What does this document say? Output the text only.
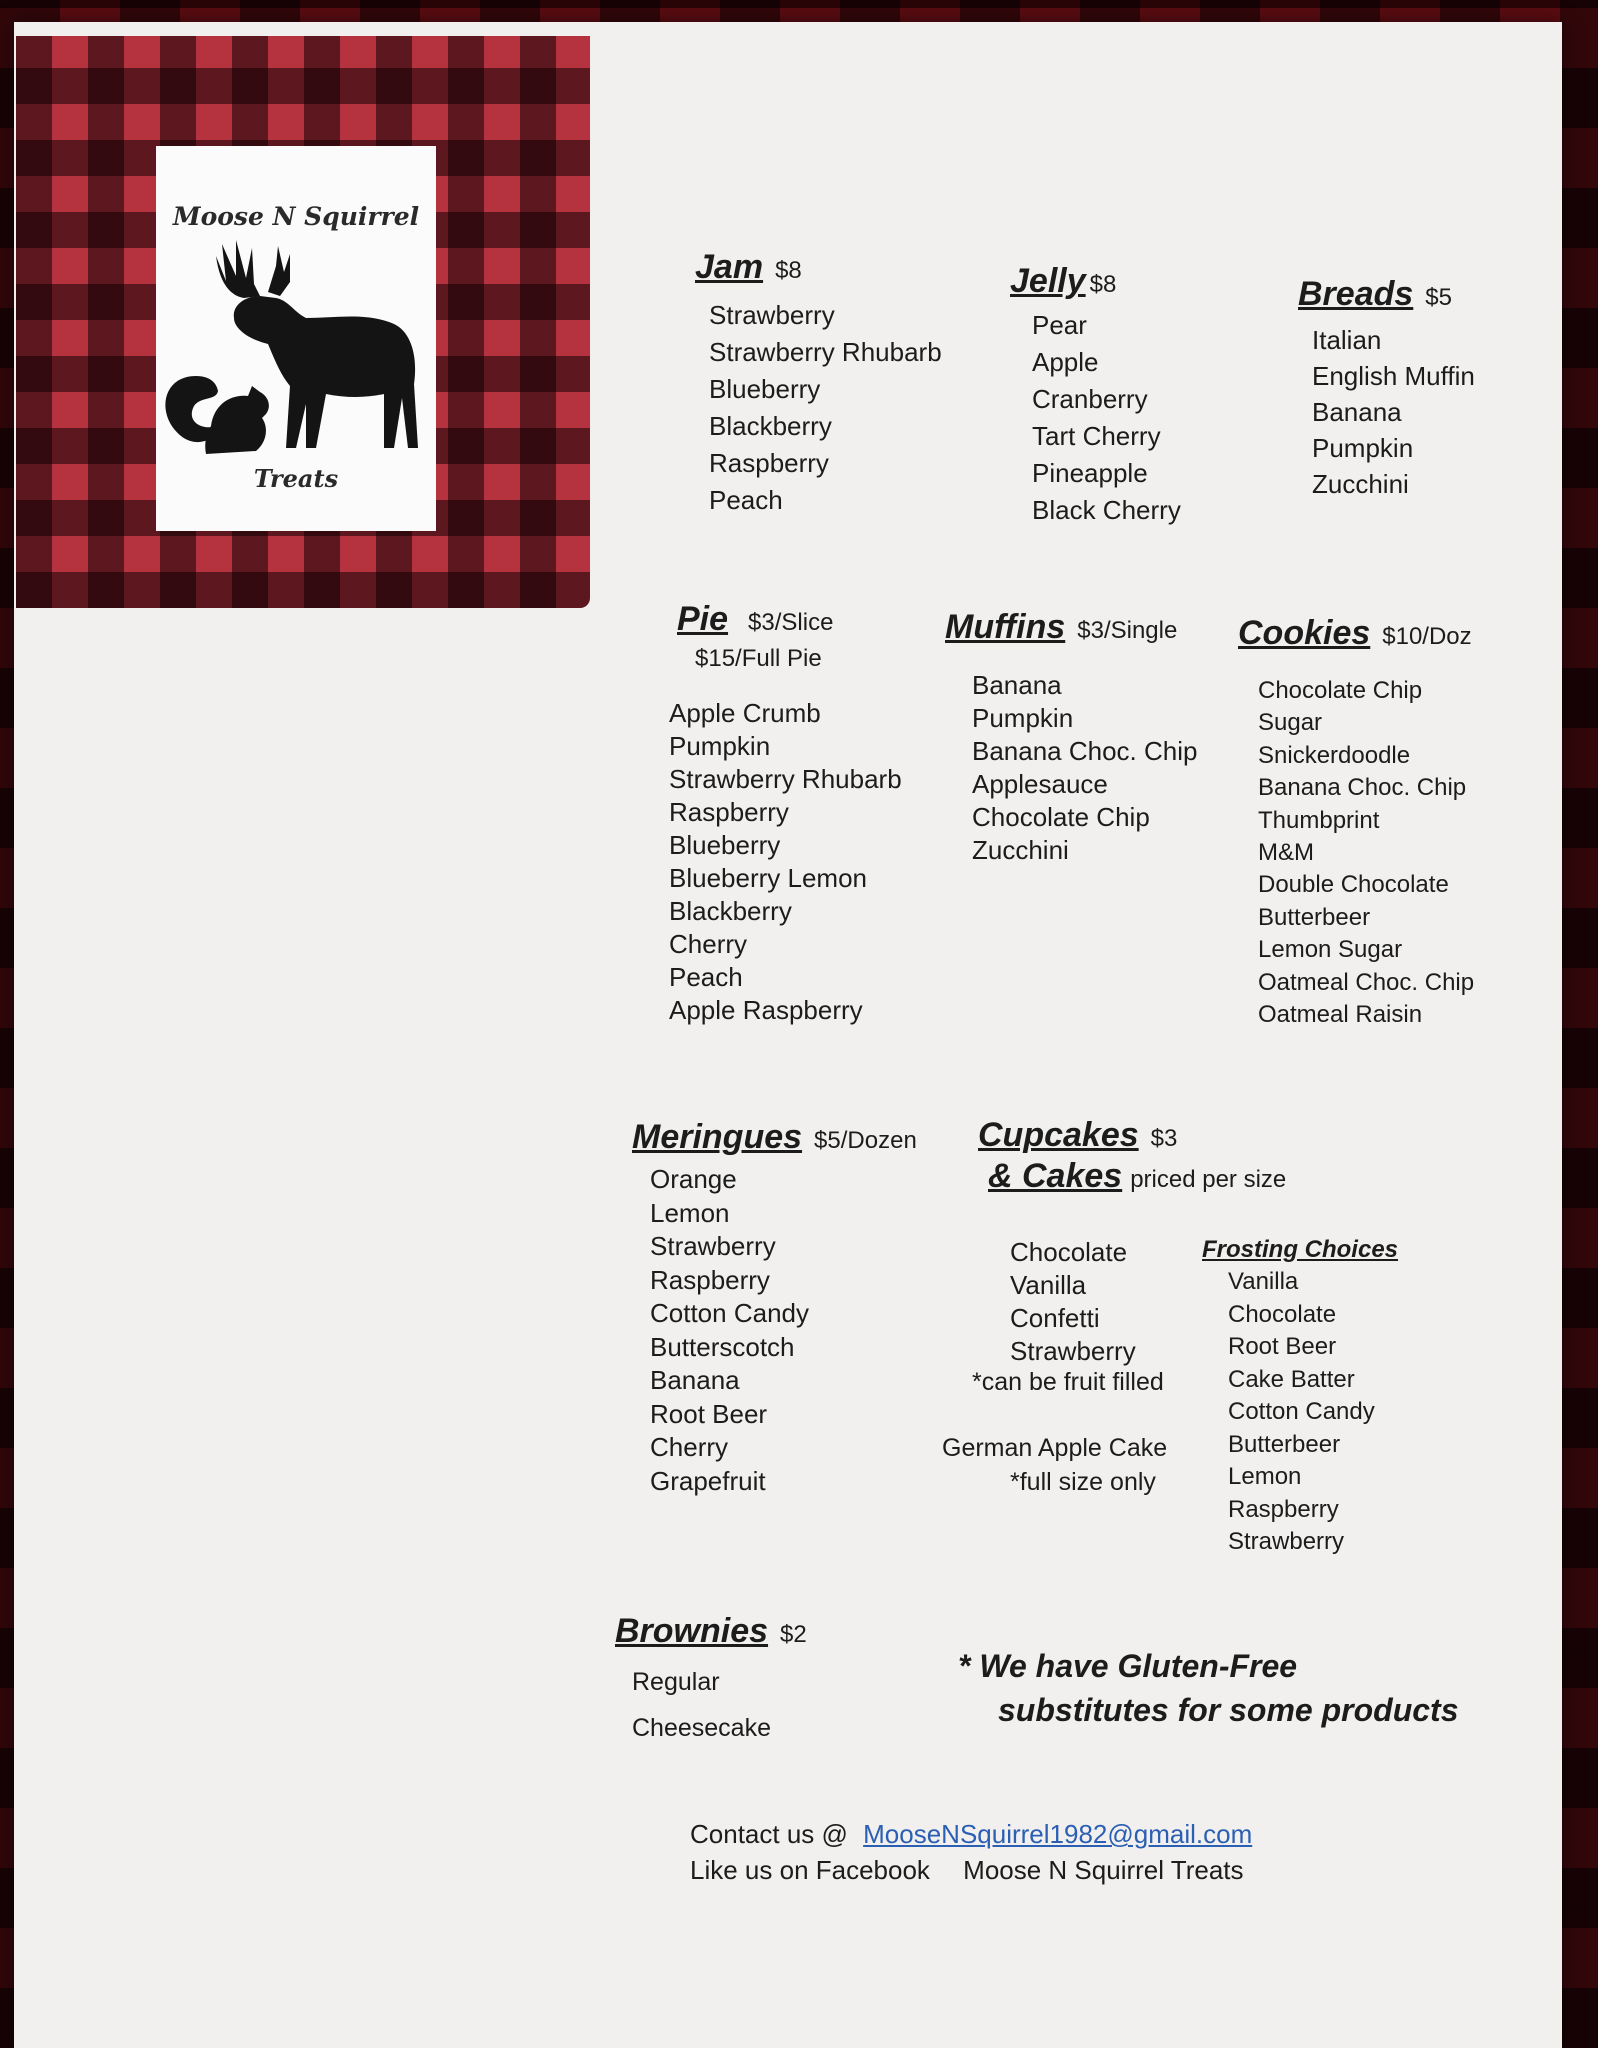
Moose N Squirrel
Treats
Jam $8
Strawberry
Strawberry Rhubarb
Blueberry
Blackberry
Raspberry
Peach
Jelly $8
Pear
Apple
Cranberry
Tart Cherry
Pineapple
Black Cherry
Breads $5
Italian
English Muffin
Banana
Pumpkin
Zucchini
Pie $3/Slice
$15/Full Pie
Apple Crumb
Pumpkin
Strawberry Rhubarb
Raspberry
Blueberry
Blueberry Lemon
Blackberry
Cherry
Peach
Apple Raspberry
Muffins $3/Single
Banana
Pumpkin
Banana Choc. Chip
Applesauce
Chocolate Chip
Zucchini
Cookies $10/Doz
Chocolate Chip
Sugar
Snickerdoodle
Banana Choc. Chip
Thumbprint
M&M
Double Chocolate
Butterbeer
Lemon Sugar
Oatmeal Choc. Chip
Oatmeal Raisin
Meringues $5/Dozen
Orange
Lemon
Strawberry
Raspberry
Cotton Candy
Butterscotch
Banana
Root Beer
Cherry
Grapefruit
Cupcakes $3
& Cakes priced per size
Chocolate
Vanilla
Confetti
Strawberry
*can be fruit filled
German Apple Cake
*full size only
Frosting Choices
Vanilla
Chocolate
Root Beer
Cake Batter
Cotton Candy
Butterbeer
Lemon
Raspberry
Strawberry
Brownies $2
Regular
Cheesecake
* We have Gluten-Free
substitutes for some products
Contact us @ MooseNSquirrel1982@gmail.com
Like us on Facebook Moose N Squirrel Treats
